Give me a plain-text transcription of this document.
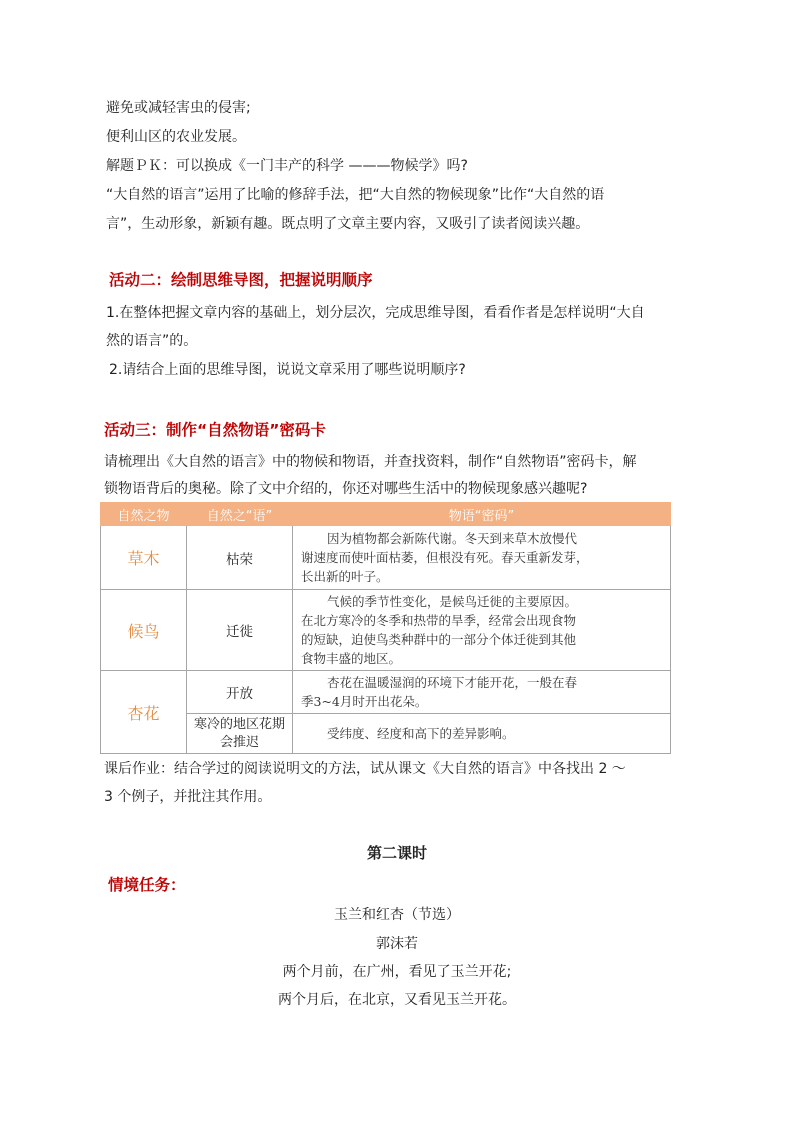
避免或减轻害虫的侵害;
便利山区的农业发展。
解题ＰＫ：可以换成《一门丰产的科学 ———物候学》吗?
“大自然的语言”运用了比喻的修辞手法，把“大自然的物候现象”比作“大自然的语
言”，生动形象，新颖有趣。既点明了文章主要内容，又吸引了读者阅读兴趣。
活动二：绘制思维导图，把握说明顺序
1.在整体把握文章内容的基础上，划分层次，完成思维导图，看看作者是怎样说明“大自
然的语言”的。
2.请结合上面的思维导图，说说文章采用了哪些说明顺序?
活动三：制作“自然物语”密码卡
请梳理出《大自然的语言》中的物候和物语，并查找资料，制作“自然物语”密码卡，解
锁物语背后的奥秘。除了文中介绍的，你还对哪些生活中的物候现象感兴趣呢?
自然之物	自然之“语”	物语“密码”
草木	枯荣	因为植物都会新陈代谢。冬天到来草木放慢代
谢速度而使叶面枯萎，但根没有死。春天重新发芽，
长出新的叶子。

候鸟	迁徙	气候的季节性变化，是候鸟迁徙的主要原因。
在北方寒冷的冬季和热带的旱季，经常会出现食物
的短缺，迫使鸟类种群中的一部分个体迁徙到其他
食物丰盛的地区。

杏花	开放	杏花在温暖湿润的环境下才能开花，一般在春
季3~4月时开出花朵。

	寒冷的地区花期会推迟	受纬度、经度和高下的差异影响。
课后作业：结合学过的阅读说明文的方法，试从课文《大自然的语言》中各找出 2 ～
3 个例子，并批注其作用。
第二课时
情境任务：
玉兰和红杏（节选）
郭沫若
两个月前，在广州，看见了玉兰开花;
两个月后，在北京，又看见玉兰开花。
